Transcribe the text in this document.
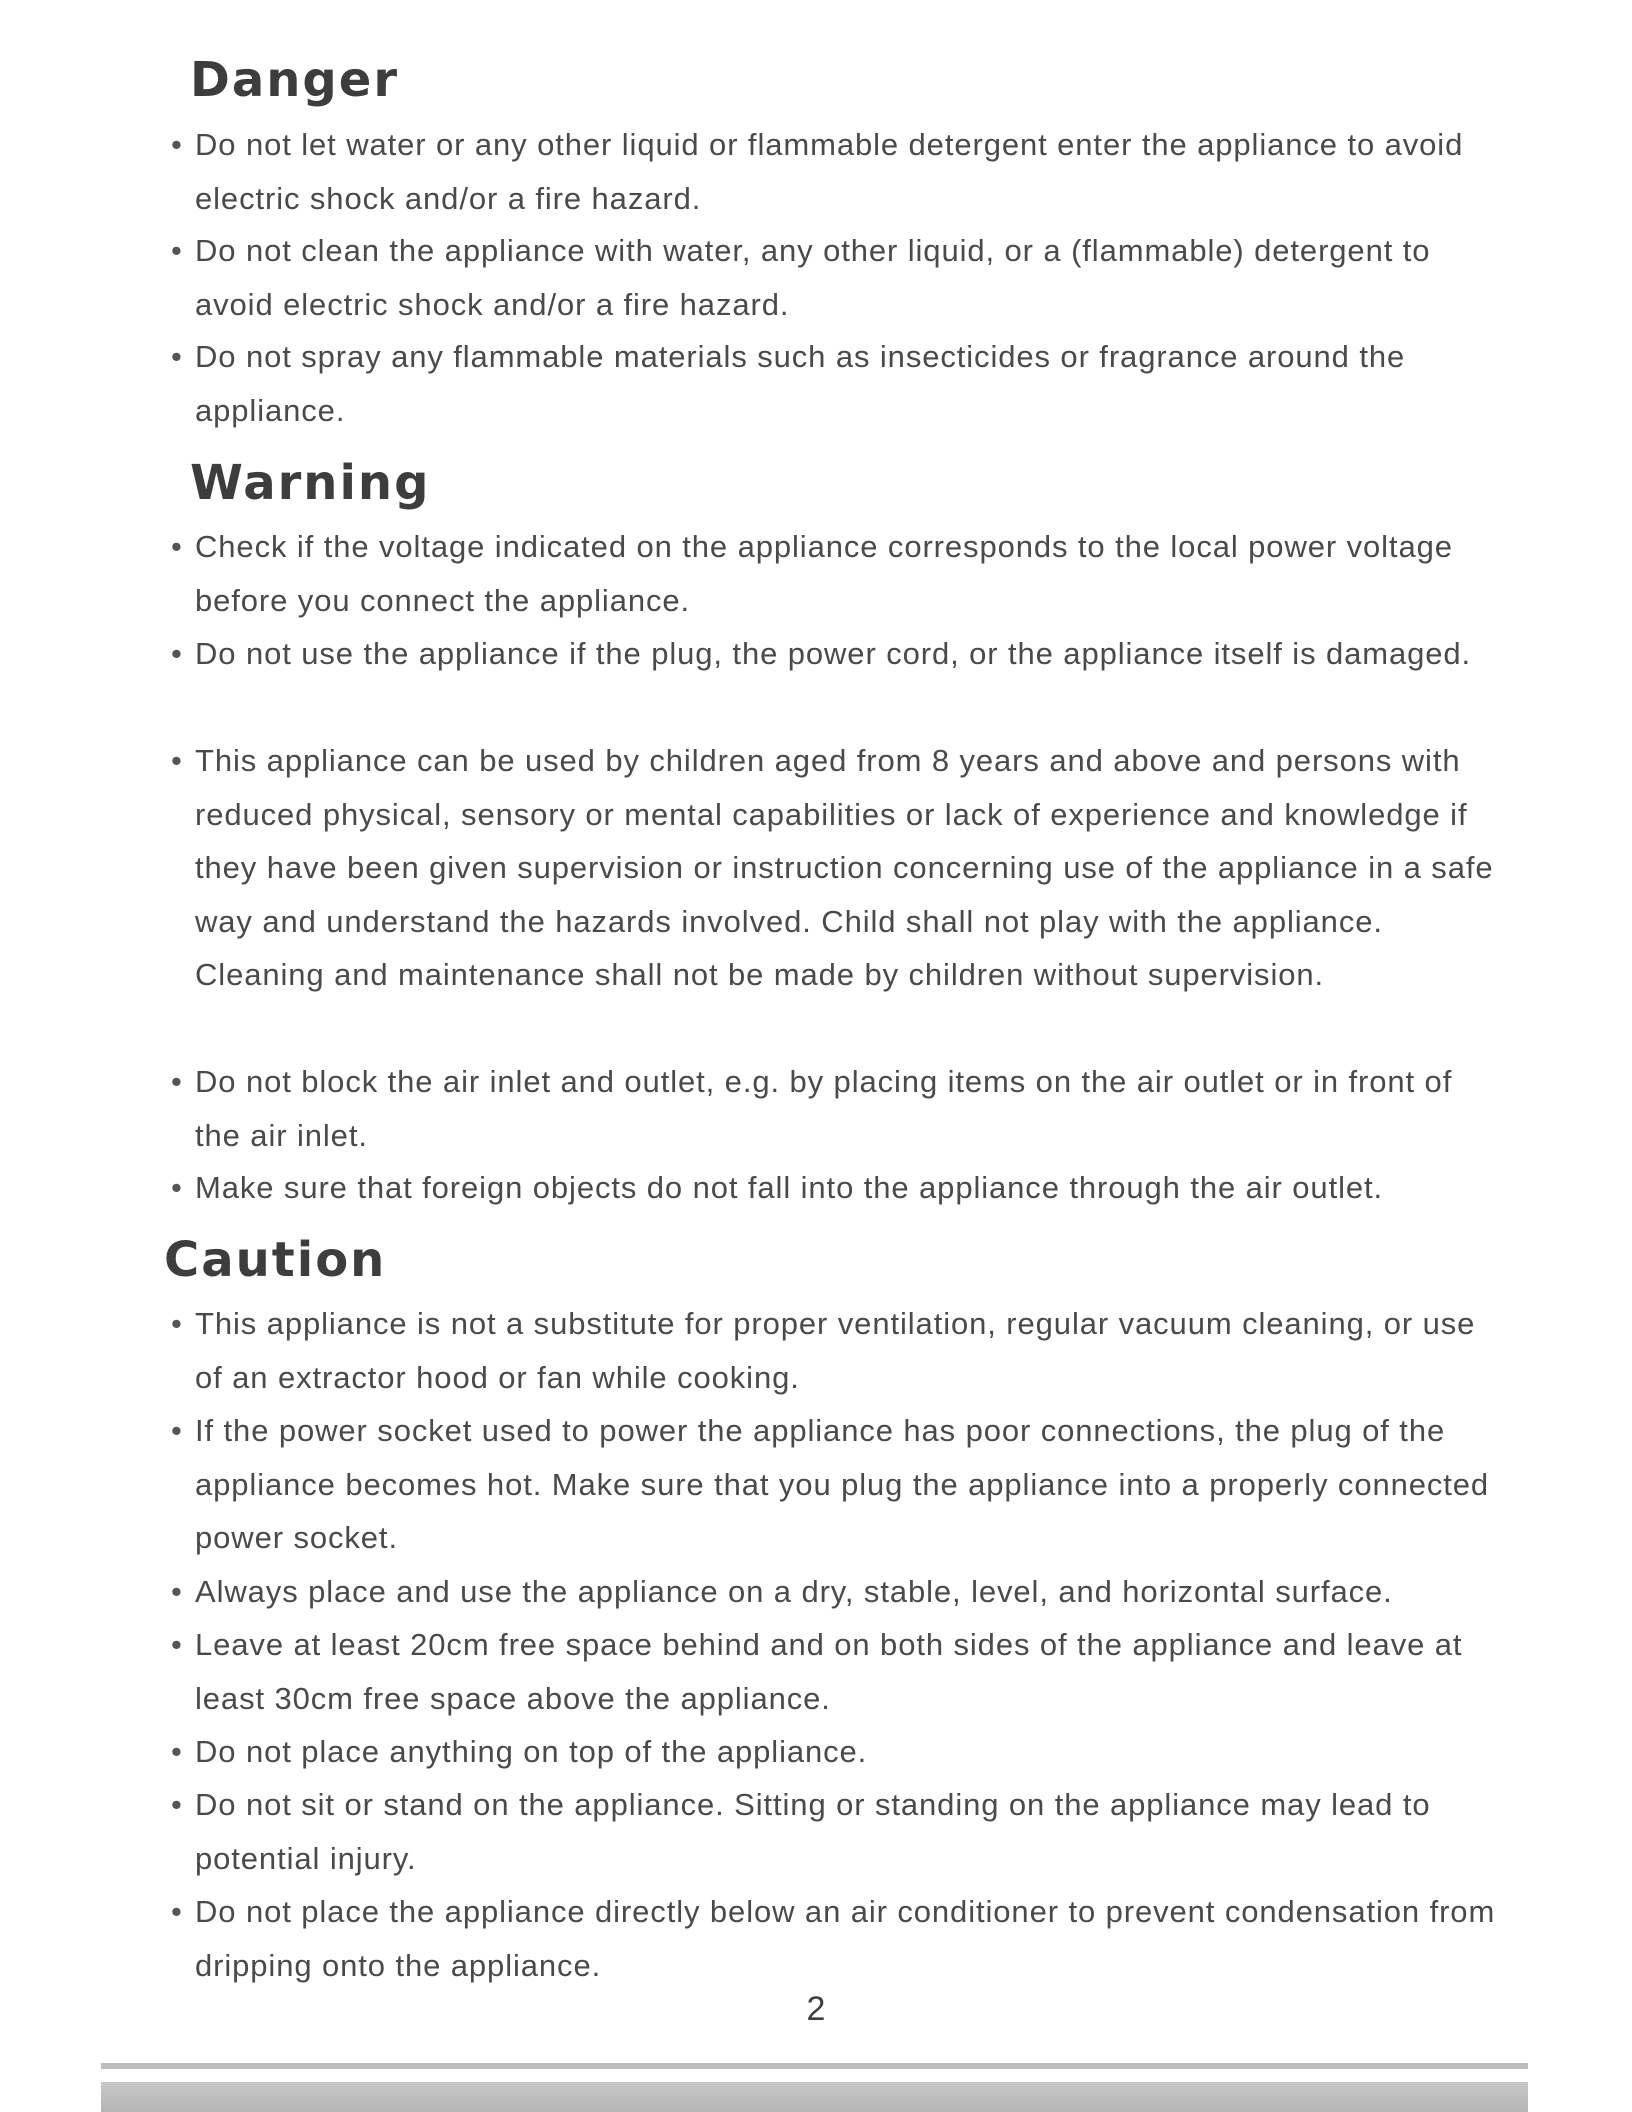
Danger
• Do not let water or any other liquid or flammable detergent enter the appliance to avoid electric shock and/or a fire hazard.
• Do not clean the appliance with water, any other liquid, or a (flammable) detergent to avoid electric shock and/or a fire hazard.
• Do not spray any flammable materials such as insecticides or fragrance around the appliance.
Warning
• Check if the voltage indicated on the appliance corresponds to the local power voltage before you connect the appliance.
• Do not use the appliance if the plug, the power cord, or the appliance itself is damaged.
• This appliance can be used by children aged from 8 years and above and persons with reduced physical, sensory or mental capabilities or lack of experience and knowledge if they have been given supervision or instruction concerning use of the appliance in a safe way and understand the hazards involved. Child shall not play with the appliance. Cleaning and maintenance shall not be made by children without supervision.
• Do not block the air inlet and outlet, e.g. by placing items on the air outlet or in front of the air inlet.
• Make sure that foreign objects do not fall into the appliance through the air outlet.
Caution
• This appliance is not a substitute for proper ventilation, regular vacuum cleaning, or use of an extractor hood or fan while cooking.
• If the power socket used to power the appliance has poor connections, the plug of the appliance becomes hot. Make sure that you plug the appliance into a properly connected power socket.
• Always place and use the appliance on a dry, stable, level, and horizontal surface.
• Leave at least 20cm free space behind and on both sides of the appliance and leave at least 30cm free space above the appliance.
• Do not place anything on top of the appliance.
• Do not sit or stand on the appliance. Sitting or standing on the appliance may lead to potential injury.
• Do not place the appliance directly below an air conditioner to prevent condensation from dripping onto the appliance.
2
